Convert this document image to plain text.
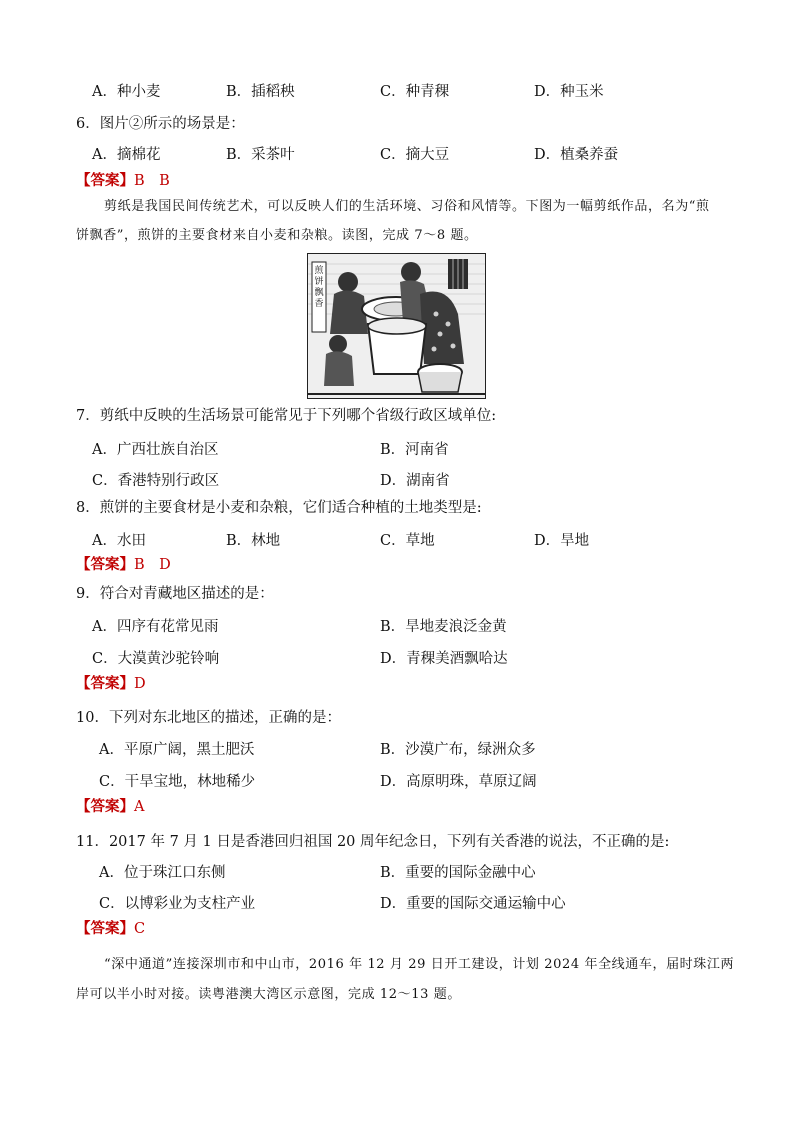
A．种小麦	B．插稻秧	C．种青稞	D．种玉米
6．图片②所示的场景是：
A．摘棉花	B．采茶叶	C．摘大豆	D．植桑养蚕
【答案】B　B
剪纸是我国民间传统艺术，可以反映人们的生活环境、习俗和风情等。下图为一幅剪纸作品，名为“煎
饼飘香”，煎饼的主要食材来自小麦和杂粮。读图，完成 7～8 题。
煎饼飘香
7．剪纸中反映的生活场景可能常见于下列哪个省级行政区域单位:
A．广西壮族自治区	B．河南省
C．香港特别行政区	D．湖南省
8．煎饼的主要食材是小麦和杂粮，它们适合种植的土地类型是:
A．水田	B．林地	C．草地	D．旱地
【答案】B　D
9．符合对青藏地区描述的是：
A．四序有花常见雨	B．旱地麦浪泛金黄
C．大漠黄沙驼铃响	D．青稞美酒飘哈达
【答案】D
10．下列对东北地区的描述，正确的是：
A．平原广阔，黑土肥沃	B．沙漠广布，绿洲众多
C．干旱宝地，林地稀少	D．高原明珠，草原辽阔
【答案】A
11．2017 年 7 月 1 日是香港回归祖国 20 周年纪念日，下列有关香港的说法，不正确的是:
A．位于珠江口东侧	B．重要的国际金融中心
C．以博彩业为支柱产业	D．重要的国际交通运输中心
【答案】C
“深中通道”连接深圳市和中山市，2016 年 12 月 29 日开工建设，计划 2024 年全线通车，届时珠江两
岸可以半小时对接。读粤港澳大湾区示意图，完成 12～13 题。
